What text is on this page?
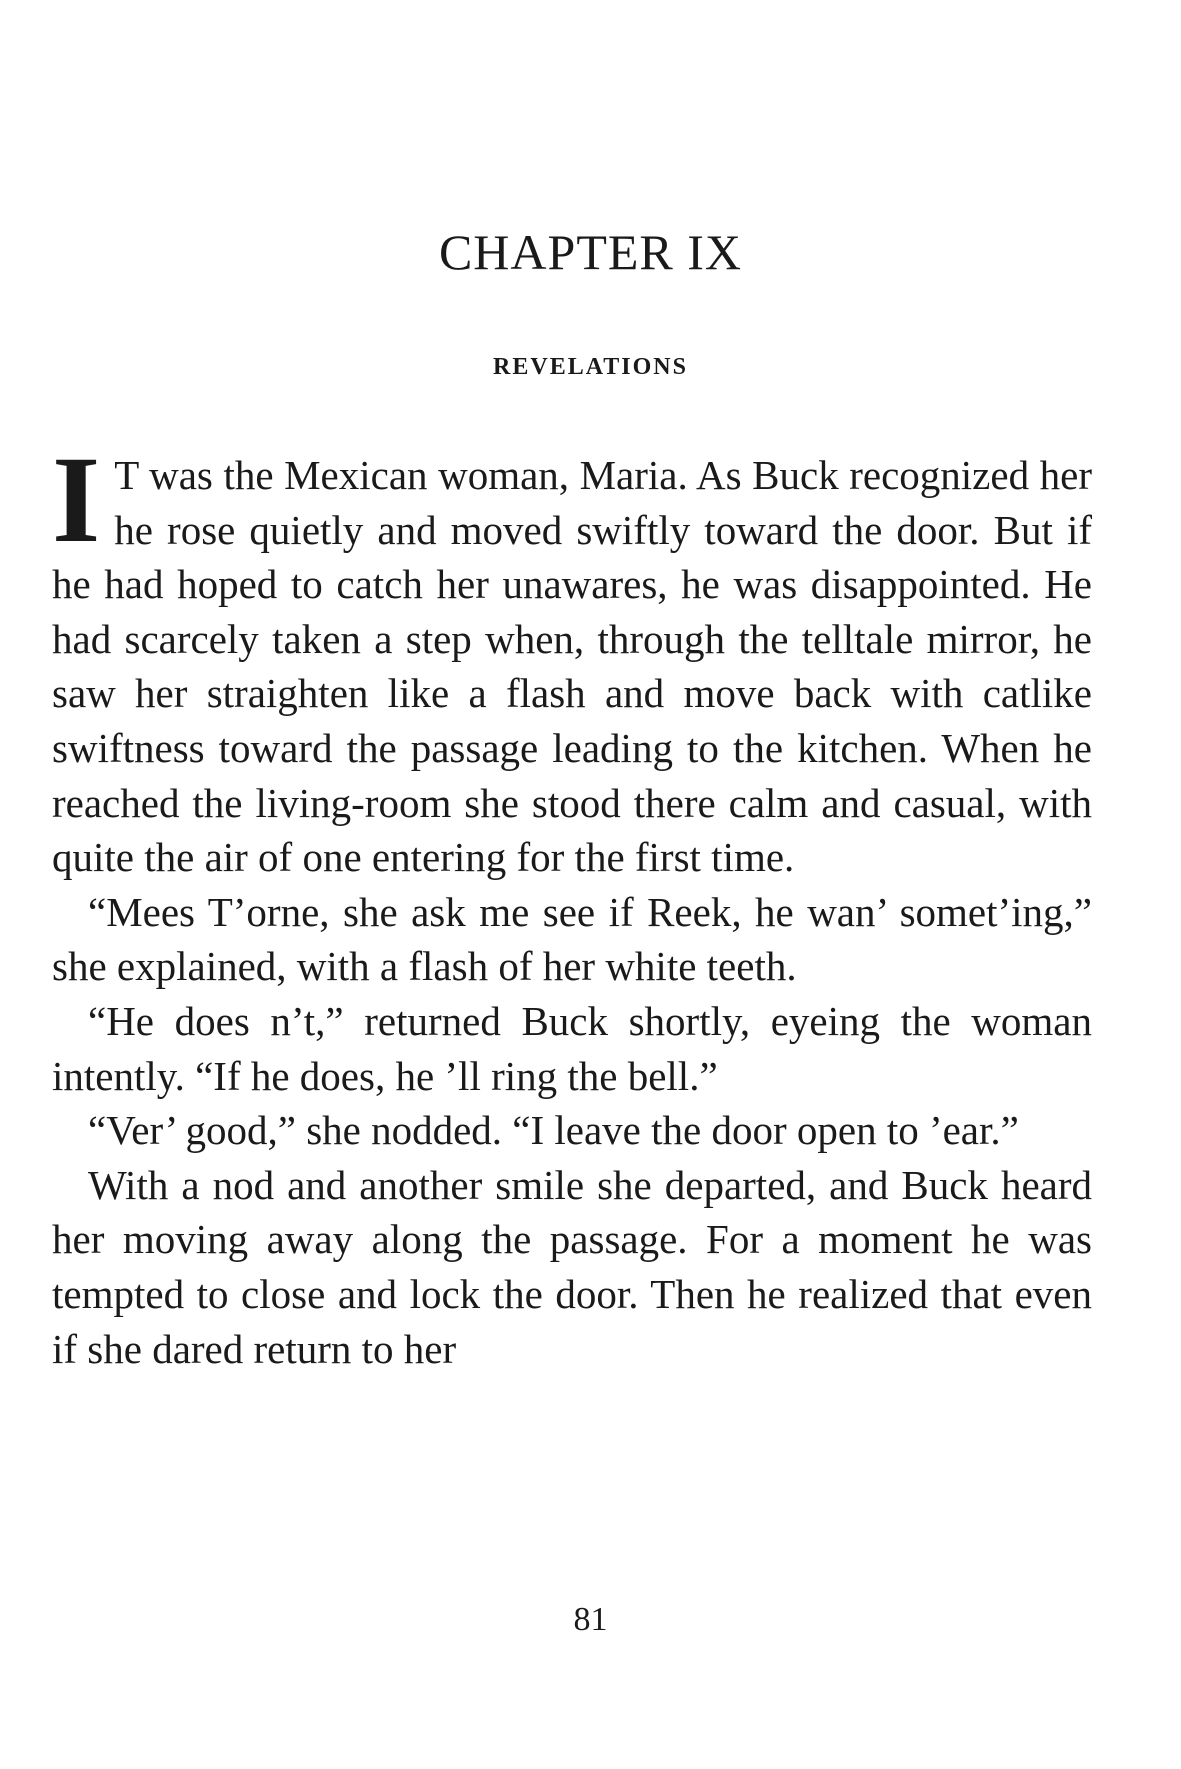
CHAPTER IX
REVELATIONS

I T was the Mexican woman, Maria. As Buck recognized her he rose quietly and moved swiftly toward the door. But if he had hoped to catch her unawares, he was disappointed. He had scarcely taken a step when, through the telltale mirror, he saw her straighten like a flash and move back with catlike swiftness toward the passage leading to the kitchen. When he reached the living-room she stood there calm and casual, with quite the air of one entering for the first time.

“Mees T’orne, she ask me see if Reek, he wan’ somet’ing,” she explained, with a flash of her white teeth.

“He does n’t,” returned Buck shortly, eyeing the woman intently. “If he does, he ’ll ring the bell.”

“Ver’ good,” she nodded. “I leave the door open to ’ear.”

With a nod and another smile she departed, and Buck heard her moving away along the passage. For a moment he was tempted to close and lock the door. Then he realized that even if she dared return to her

81
